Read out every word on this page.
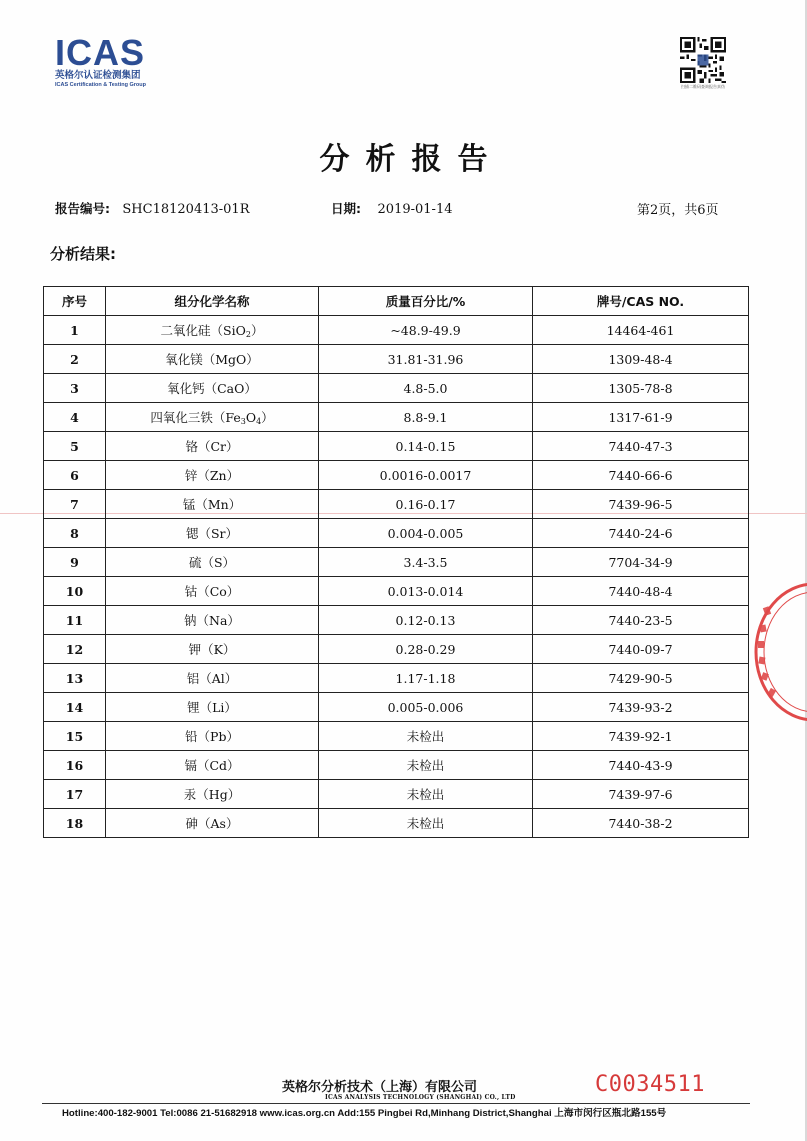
ICAS
英格尔认证检测集团
ICAS Certification & Testing Group	扫描二维码查询报告真伪
分析报告
报告编号: SHC18120413-01R	日期: 2019-01-14	第2页，共6页
分析结果:
序号	组分化学名称	质量百分比/%	牌号/CAS NO.
1	二氧化硅（SiO$_2$）	~48.9-49.9	14464-461
2	氧化镁（MgO）	31.81-31.96	1309-48-4
3	氧化钙（CaO）	4.8-5.0	1305-78-8
4	四氧化三铁$(Fe_3O_4)$	8.8-9.1	1317-61-9
5	铬（Cr）	0.14-0.15	7440-47-3
6	锌（Zn）	0.0016-0.0017	7440-66-6
7	锰（Mn）	0.16-0.17	7439-96-5
8	锶（Sr）	0.004-0.005	7440-24-6
9	硫（S）	3.4-3.5	7704-34-9
10	钴（Co）	0.013-0.014	7440-48-4
11	钠（Na）	0.12-0.13	7440-23-5
12	钾（K）	0.28-0.29	7440-09-7
13	铝（Al）	1.17-1.18	7429-90-5
14	锂（Li）	0.005-0.006	7439-93-2
15	铅（Pb）	未检出	7439-92-1
16	镉（Cd）	未检出	7440-43-9
17	汞（Hg）	未检出	7439-97-6
18	砷（As）	未检出	7440-38-2
英格尔分析技术（上海）有限公司
ICAS ANALYSIS TECHNOLOGY (SHANGHAI) CO., LTD
C0034511
Hotline:400-182-9001 Tel:0086 21-51682918 www.icas.org.cn Add:155 Pingbei Rd,Minhang District,Shanghai 上海市闵行区瓶北路155号
